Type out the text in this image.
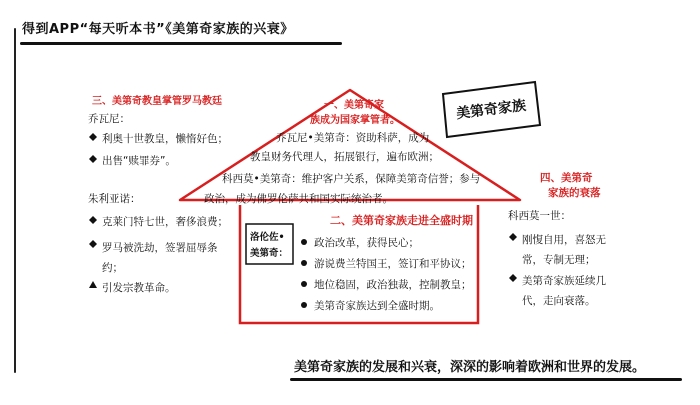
得到APP“每天听本书”《美第奇家族的兴衰》
美第奇家族
三、美第奇教皇掌管罗马教廷
乔瓦尼：
利奥十世教皇，懒惰好色；
出售“赎罪券”。
朱利亚诺：
克莱门特七世，奢侈浪费；
罗马被洗劫，签署屈辱条约；
引发宗教革命。
一、美第奇家
族成为国家掌管者。
乔瓦尼•美第奇：资助科萨，成为
教皇财务代理人，拓展银行，遍布欧洲；
科西莫•美第奇：维护客户关系，保障美第奇信誉；参与
政治，成为佛罗伦萨共和国实际统治者。
二、美第奇家族走进全盛时期
洛伦佐•
美第奇：
政治改革，获得民心；
游说费兰特国王，签订和平协议；
地位稳固，政治独裁，控制教皇；
美第奇家族达到全盛时期。
四、美第奇
家族的衰落
科西莫一世：
刚愎自用，喜怒无常，专制无理；
美第奇家族延续几代，走向衰落。
美第奇家族的发展和兴衰，深深的影响着欧洲和世界的发展。
